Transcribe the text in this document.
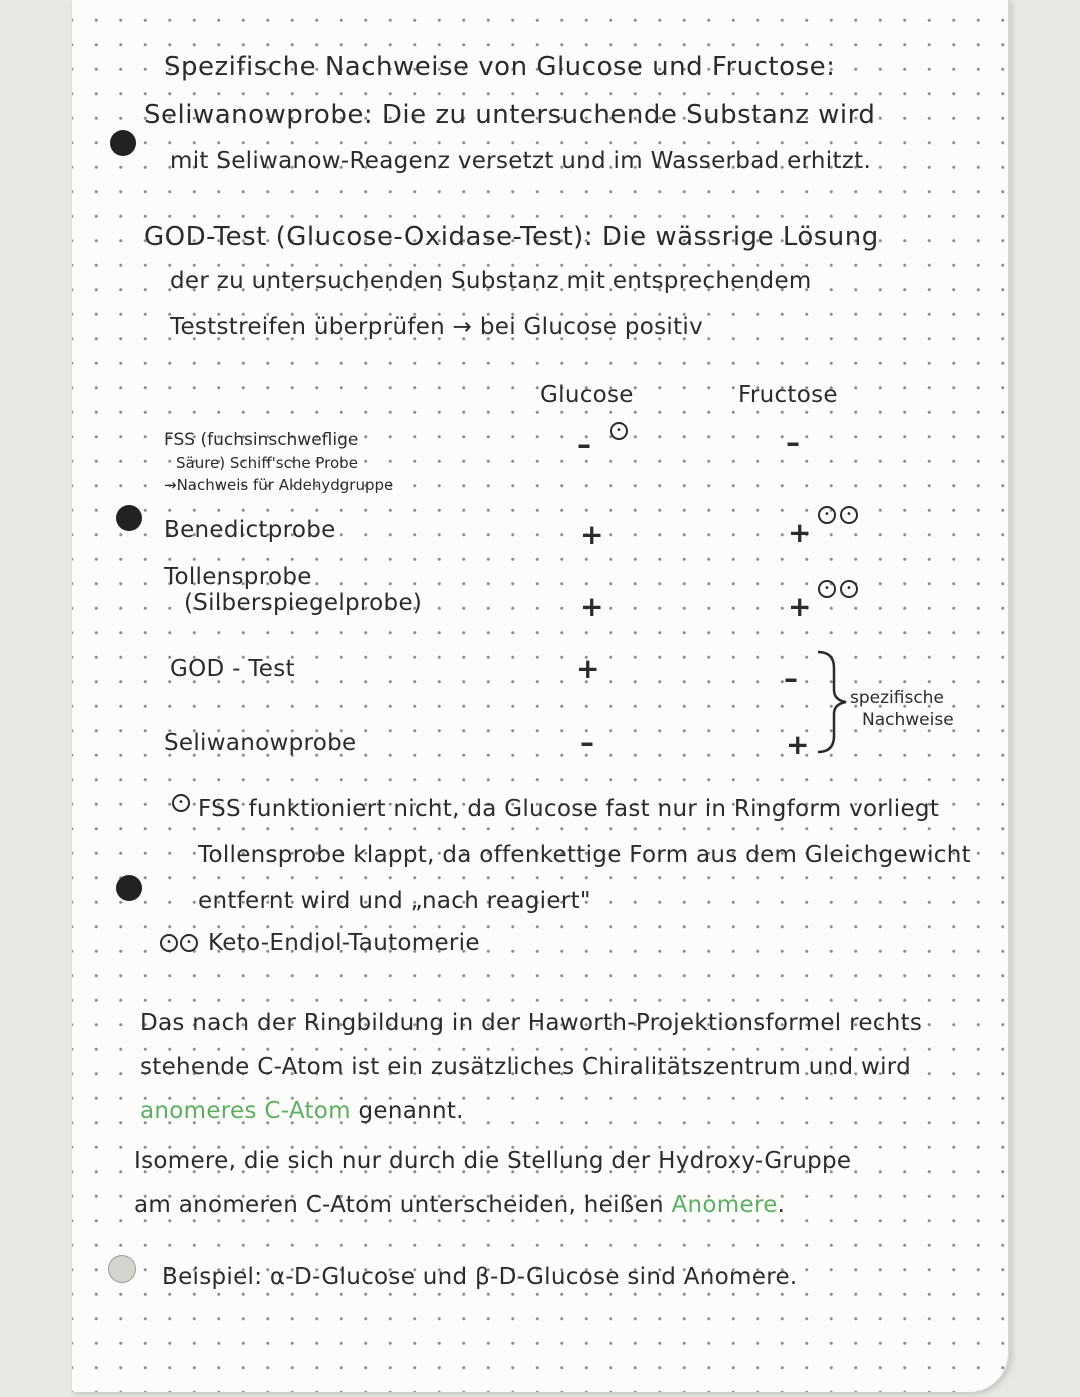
Spezifische Nachweise von Glucose und Fructose:
Seliwanowprobe: Die zu untersuchende Substanz wird
mit Seliwanow-Reagenz versetzt und im Wasserbad erhitzt.
GOD-Test (Glucose-Oxidase-Test): Die wässrige Lösung
der zu untersuchenden Substanz mit entsprechendem
Teststreifen überprüfen → bei Glucose positiv
Glucose	Fructose
FSS (fuchsinschweflige
Säure) Schiff'sche Probe
→Nachweis für Aldehydgruppe
–	•	–
Benedictprobe	+	+
•	•
Tollensprobe
(Silberspiegelprobe)	+	+
•	•
GOD - Test	+	–
Seliwanowprobe	–	+
spezifische
Nachweise
• FSS funktioniert nicht, da Glucose fast nur in Ringform vorliegt
Tollensprobe klappt, da offenkettige Form aus dem Gleichgewicht
entfernt wird und „nach reagiert"
•	• Keto-Endiol-Tautomerie
Das nach der Ringbildung in der Haworth-Projektionsformel rechts
stehende C-Atom ist ein zusätzliches Chiralitätszentrum und wird
anomeres C-Atom genannt.
Isomere, die sich nur durch die Stellung der Hydroxy-Gruppe
am anomeren C-Atom unterscheiden, heißen Anomere.
Beispiel: α-D-Glucose und β-D-Glucose sind Anomere.
